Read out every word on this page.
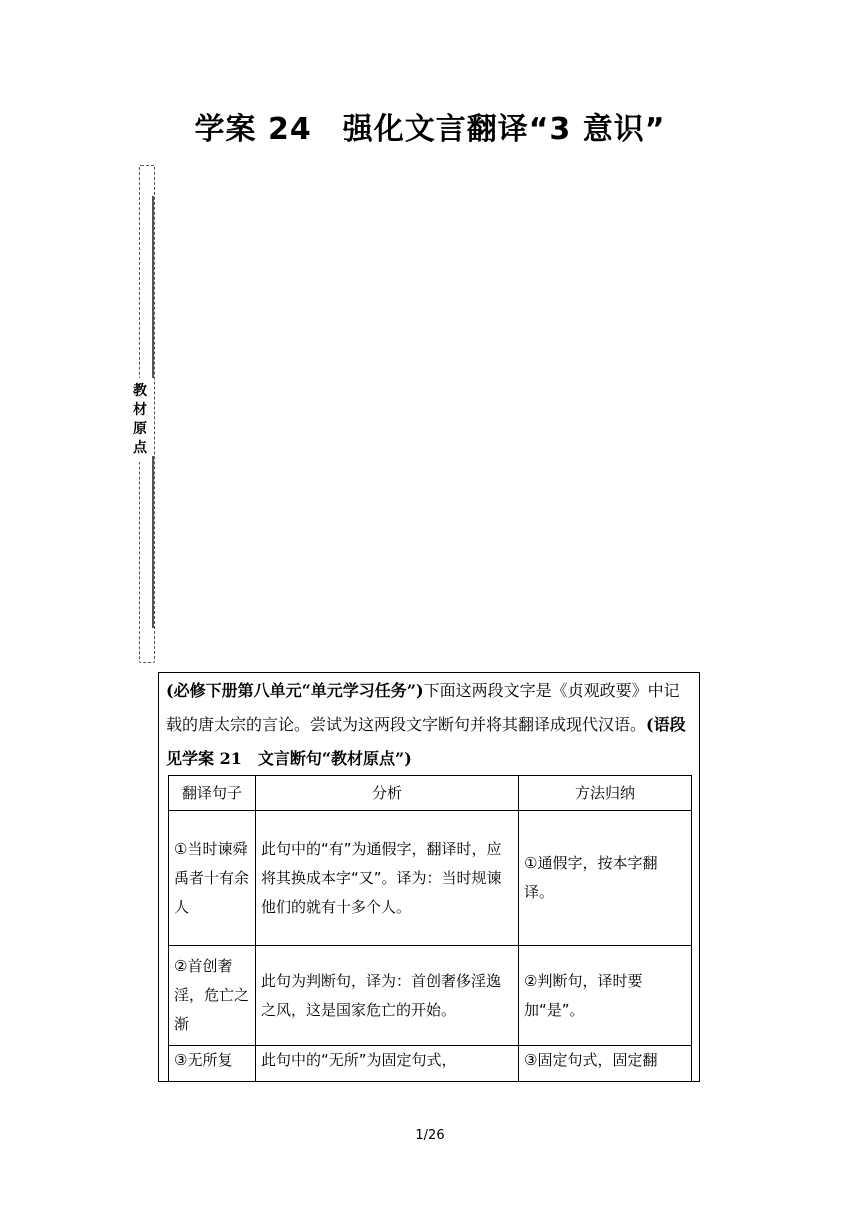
学案 24　强化文言翻译“3 意识”
教材原点
(必修下册第八单元“单元学习任务”)下面这两段文字是《贞观政要》中记载的唐太宗的言论。尝试为这两段文字断句并将其翻译成现代汉语。(语段见学案 21　文言断句“教材原点”)
翻译句子	分析	方法归纳
①当时谏舜禹者十有余人	此句中的“有”为通假字，翻译时，应将其换成本字“又”。译为：当时规谏他们的就有十多个人。	①通假字，按本字翻译。
②首创奢淫，危亡之渐	此句为判断句，译为：首创奢侈淫逸之风，这是国家危亡的开始。	②判断句，译时要加“是”。
③无所复	此句中的“无所”为固定句式，	③固定句式，固定翻
1/26
